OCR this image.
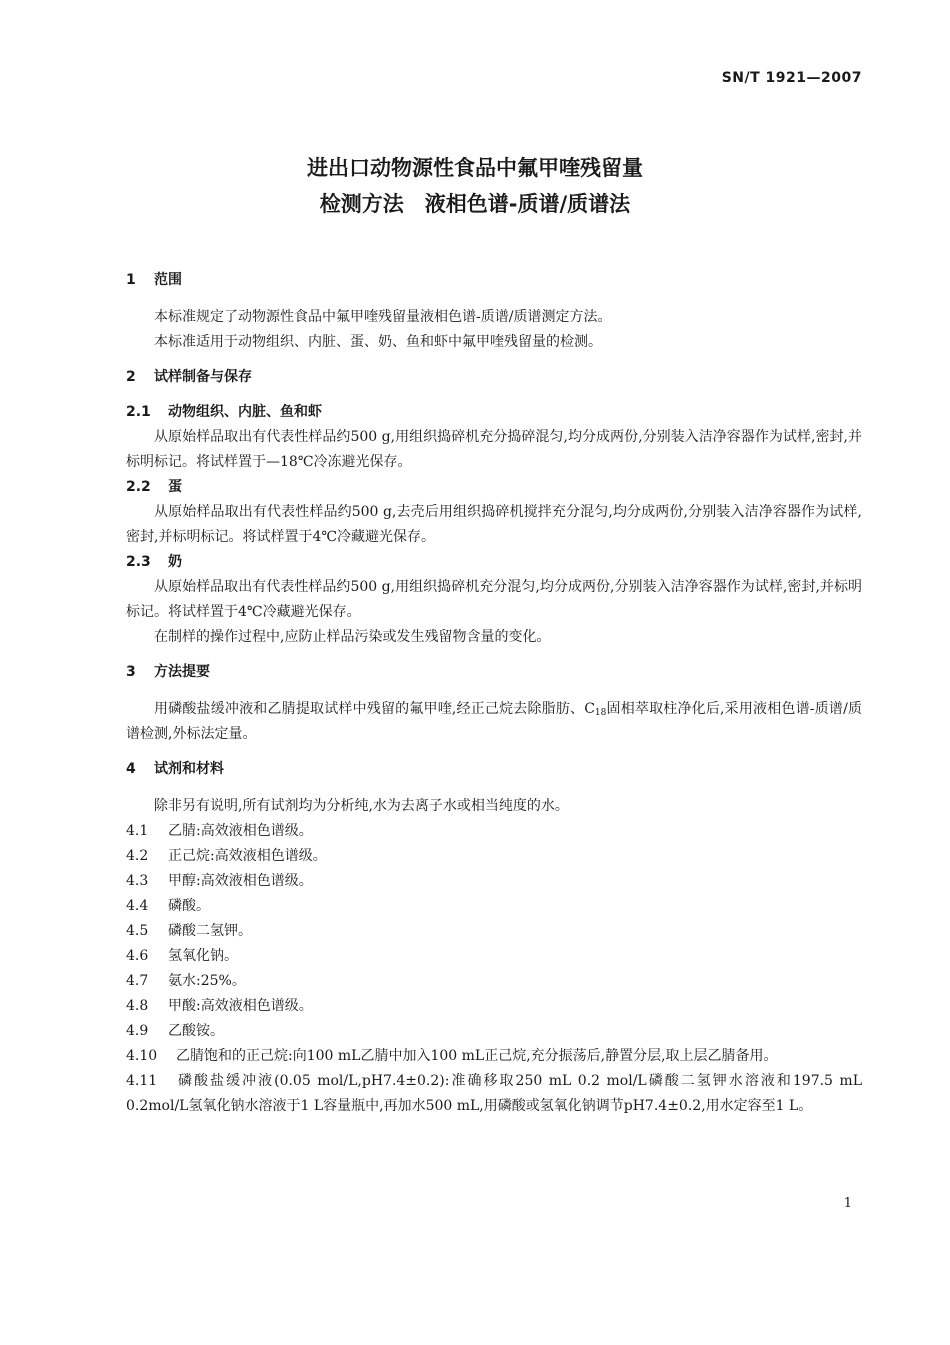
SN/T 1921—2007
进出口动物源性食品中氟甲喹残留量
检测方法　液相色谱-质谱/质谱法
1 范围
本标准规定了动物源性食品中氟甲喹残留量液相色谱-质谱/质谱测定方法。
本标准适用于动物组织、内脏、蛋、奶、鱼和虾中氟甲喹残留量的检测。
2 试样制备与保存
2.1 动物组织、内脏、鱼和虾
从原始样品取出有代表性样品约500 g,用组织捣碎机充分捣碎混匀,均分成两份,分别装入洁净容器作为试样,密封,并标明标记。将试样置于—18℃冷冻避光保存。
2.2 蛋
从原始样品取出有代表性样品约500 g,去壳后用组织捣碎机搅拌充分混匀,均分成两份,分别装入洁净容器作为试样,密封,并标明标记。将试样置于4℃冷藏避光保存。
2.3 奶
从原始样品取出有代表性样品约500 g,用组织捣碎机充分混匀,均分成两份,分别装入洁净容器作为试样,密封,并标明标记。将试样置于4℃冷藏避光保存。
在制样的操作过程中,应防止样品污染或发生残留物含量的变化。
3 方法提要
用磷酸盐缓冲液和乙腈提取试样中残留的氟甲喹,经正己烷去除脂肪、$C_{18}$固相萃取柱净化后,采用液相色谱-质谱/质谱检测,外标法定量。
4 试剂和材料
除非另有说明,所有试剂均为分析纯,水为去离子水或相当纯度的水。
4.1 乙腈:高效液相色谱级。
4.2 正己烷:高效液相色谱级。
4.3 甲醇:高效液相色谱级。
4.4 磷酸。
4.5 磷酸二氢钾。
4.6 氢氧化钠。
4.7 氨水:25%。
4.8 甲酸:高效液相色谱级。
4.9 乙酸铵。
4.10 乙腈饱和的正己烷:向100 mL乙腈中加入100 mL正己烷,充分振荡后,静置分层,取上层乙腈备用。
4.11 磷酸盐缓冲液(0.05 mol/L,pH7.4±0.2):准确移取250 mL 0.2 mol/L磷酸二氢钾水溶液和197.5 mL 0.2mol/L氢氧化钠水溶液于1 L容量瓶中,再加水500 mL,用磷酸或氢氧化钠调节pH7.4±0.2,用水定容至1 L。
1
